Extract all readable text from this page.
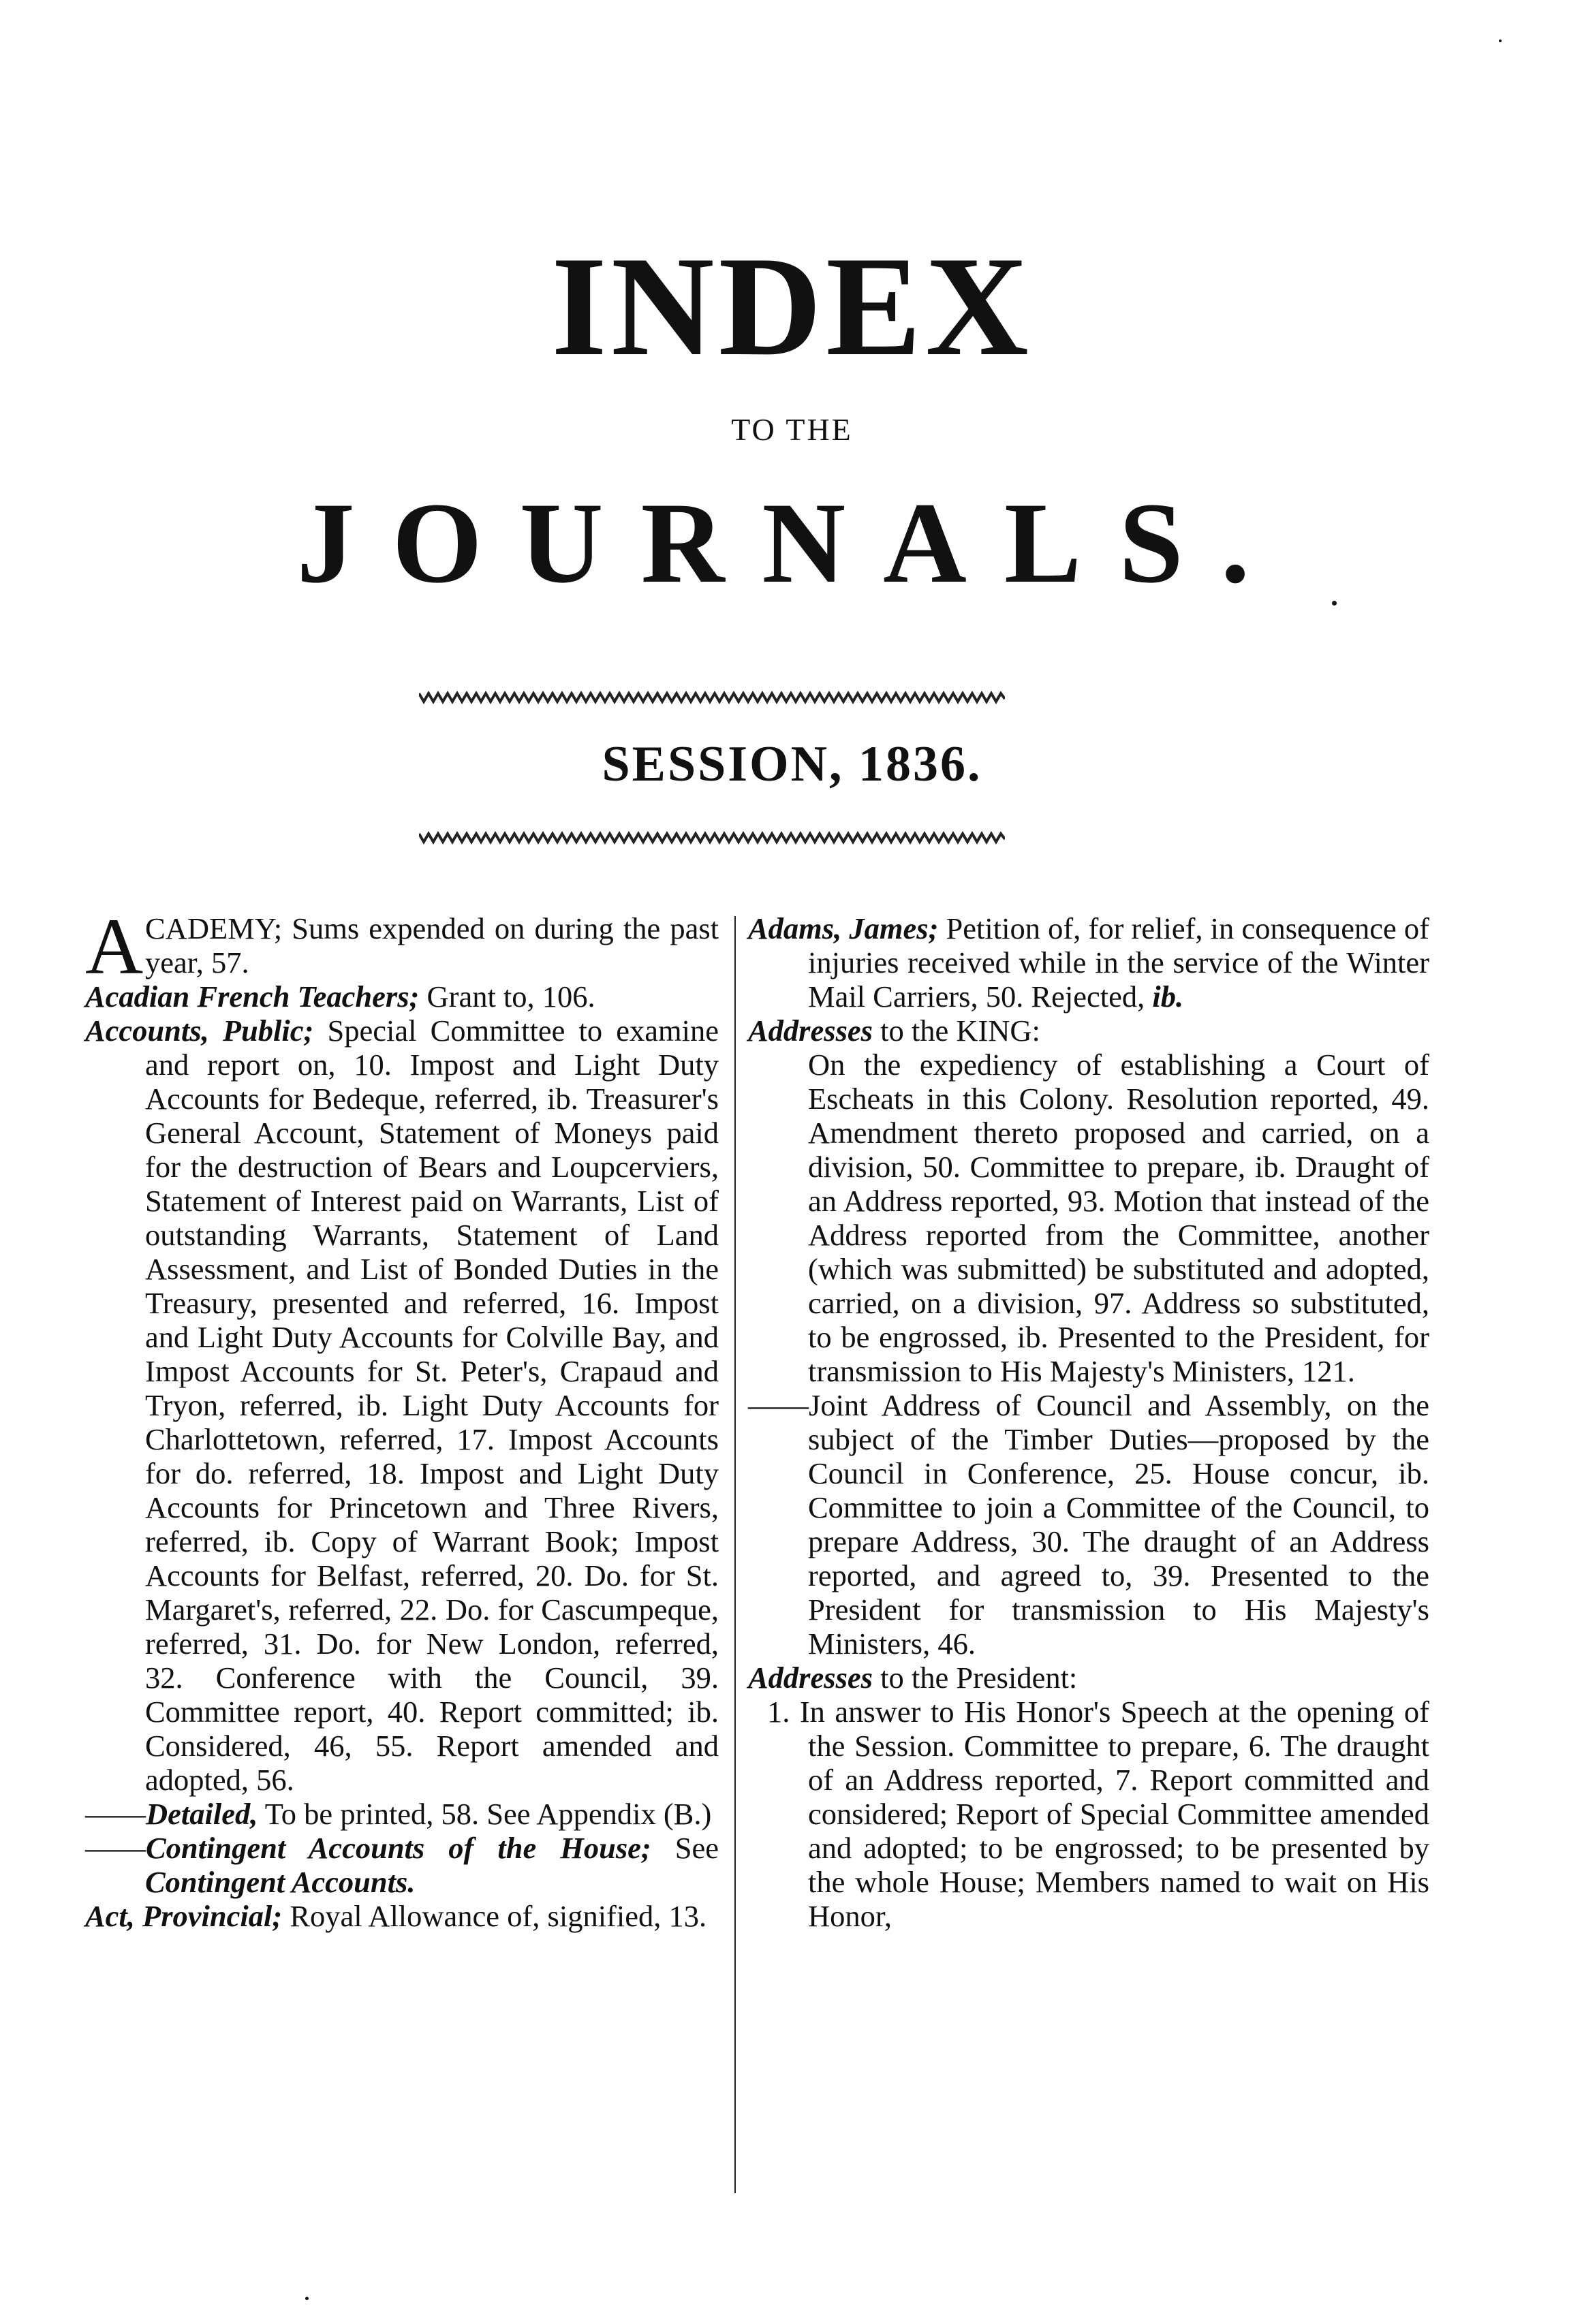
INDEX
TO THE
JOURNALS.
SESSION, 1836.

A CADEMY; Sums expended on during the past year, 57.

Acadian French Teachers; Grant to, 106.

Accounts, Public; Special Committee to examine and report on, 10. Impost and Light Duty Accounts for Bedeque, referred, ib. Treasurer's General Account, Statement of Moneys paid for the destruction of Bears and Loupcerviers, Statement of Interest paid on Warrants, List of outstanding Warrants, Statement of Land Assessment, and List of Bonded Duties in the Treasury, presented and referred, 16. Impost and Light Duty Accounts for Colville Bay, and Impost Accounts for St. Peter's, Crapaud and Tryon, referred, ib. Light Duty Accounts for Charlottetown, referred, 17. Impost Accounts for do. referred, 18. Impost and Light Duty Accounts for Princetown and Three Rivers, referred, ib. Copy of Warrant Book; Impost Accounts for Belfast, referred, 20. Do. for St. Margaret's, referred, 22. Do. for Cascumpeque, referred, 31. Do. for New London, referred, 32. Conference with the Council, 39. Committee report, 40. Report committed; ib. Considered, 46, 55. Report amended and adopted, 56.

——Detailed, To be printed, 58. See Appendix (B.)

——Contingent Accounts of the House; See Contingent Accounts.

Act, Provincial; Royal Allowance of, signified, 13.

Adams, James; Petition of, for relief, in consequence of injuries received while in the service of the Winter Mail Carriers, 50. Rejected, ib.

Addresses to the KING:

On the expediency of establishing a Court of Escheats in this Colony. Resolution reported, 49. Amendment thereto proposed and carried, on a division, 50. Committee to prepare, ib. Draught of an Address reported, 93. Motion that instead of the Address reported from the Committee, another (which was submitted) be substituted and adopted, carried, on a division, 97. Address so substituted, to be engrossed, ib. Presented to the President, for transmission to His Majesty's Ministers, 121.

——Joint Address of Council and Assembly, on the subject of the Timber Duties—proposed by the Council in Conference, 25. House concur, ib. Committee to join a Committee of the Council, to prepare Address, 30. The draught of an Address reported, and agreed to, 39. Presented to the President for transmission to His Majesty's Ministers, 46.

Addresses to the President:

1. In answer to His Honor's Speech at the opening of the Session. Committee to prepare, 6. The draught of an Address reported, 7. Report committed and considered; Report of Special Committee amended and adopted; to be engrossed; to be presented by the whole House; Members named to wait on His Honor,
